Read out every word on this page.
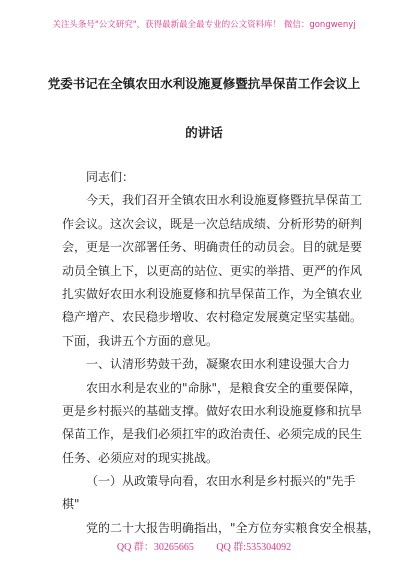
关注头条号"公文研究"，获得最新最全最专业的公文资料库！ 微信：gongwenyj
党委书记在全镇农田水利设施夏修暨抗旱保苗工作会议上
的讲话
同志们：
今天，我们召开全镇农田水利设施夏修暨抗旱保苗工
作会议。这次会议，既是一次总结成绩、分析形势的研判
会，更是一次部署任务、明确责任的动员会。目的就是要
动员全镇上下，以更高的站位、更实的举措、更严的作风
扎实做好农田水利设施夏修和抗旱保苗工作，为全镇农业
稳产增产、农民稳步增收、农村稳定发展奠定坚实基础。
下面，我讲五个方面的意见。
一、认清形势鼓干劲，凝聚农田水利建设强大合力
农田水利是农业的"命脉"，是粮食安全的重要保障，
更是乡村振兴的基础支撑。做好农田水利设施夏修和抗旱
保苗工作，是我们必须扛牢的政治责任、必须完成的民生
任务、必须应对的现实挑战。
（一）从政策导向看，农田水利是乡村振兴的"先手
棋"
党的二十大报告明确指出，"全方位夯实粮食安全根基，
QQ 群：30265665 QQ 群:535304092
